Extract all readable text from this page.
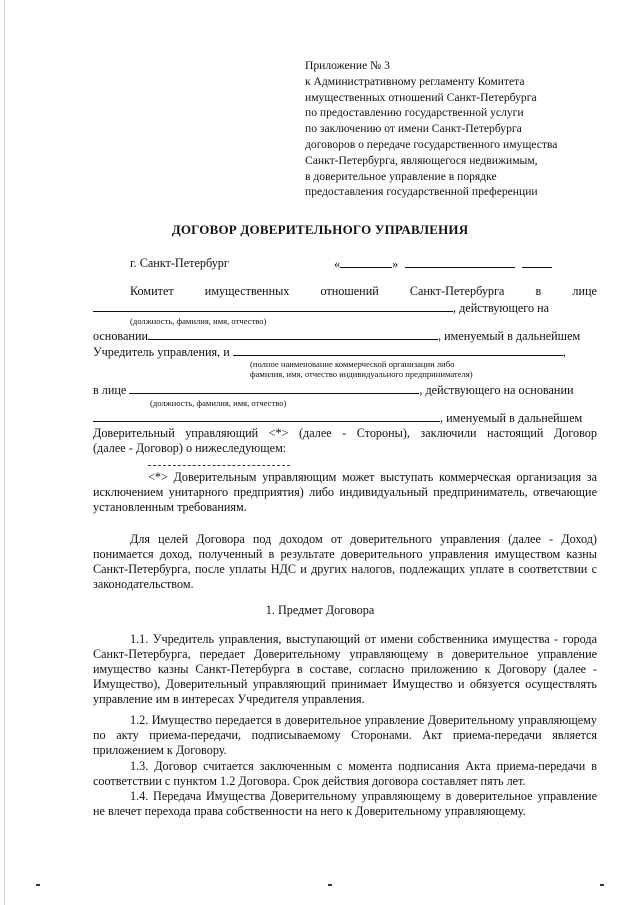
Приложение № 3
к Административному регламенту Комитета
имущественных отношений Санкт-Петербурга
по предоставлению государственной услуги
по заключению от имени Санкт-Петербурга
договоров о передаче государственного имущества
Санкт-Петербурга, являющегося недвижимым,
в доверительное управление в порядке
предоставления государственной преференции
ДОГОВОР ДОВЕРИТЕЛЬНОГО УПРАВЛЕНИЯ
г. Санкт-Петербург	«	»
Комитет	имущественных	отношений	Санкт-Петербурга	в	лице
, действующего на
(должность, фамилия, имя, отчество)
основании	, именуемый в дальнейшем
Учредитель управления, и	,
(полное наименование коммерческой организации либо
фамилия, имя, отчество индивидуального предпринимателя)
в лице	, действующего на основании
(должность, фамилия, имя, отчество)
, именуемый в дальнейшем
Доверительный управляющий <*> (далее - Стороны), заключили настоящий Договор
(далее - Договор) о нижеследующем:
<*> Доверительным управляющим может выступать коммерческая организация за исключением унитарного предприятия) либо индивидуальный предприниматель, отвечающие установленным требованиям.
Для целей Договора под доходом от доверительного управления (далее - Доход) понимается доход, полученный в результате доверительного управления имуществом казны Санкт-Петербурга, после уплаты НДС и других налогов, подлежащих уплате в соответствии с законодательством.
1. Предмет Договора
1.1. Учредитель управления, выступающий от имени собственника имущества - города Санкт-Петербурга, передает Доверительному управляющему в доверительное управление имущество казны Санкт-Петербурга в составе, согласно приложению к Договору (далее - Имущество), Доверительный управляющий принимает Имущество и обязуется осуществлять управление им в интересах Учредителя управления.
1.2. Имущество передается в доверительное управление Доверительному управляющему по акту приема-передачи, подписываемому Сторонами. Акт приема-передачи является приложением к Договору.
1.3. Договор считается заключенным с момента подписания Акта приема-передачи в соответствии с пунктом 1.2 Договора. Срок действия договора составляет пять лет.
1.4. Передача Имущества Доверительному управляющему в доверительное управление не влечет перехода права собственности на него к Доверительному управляющему.
